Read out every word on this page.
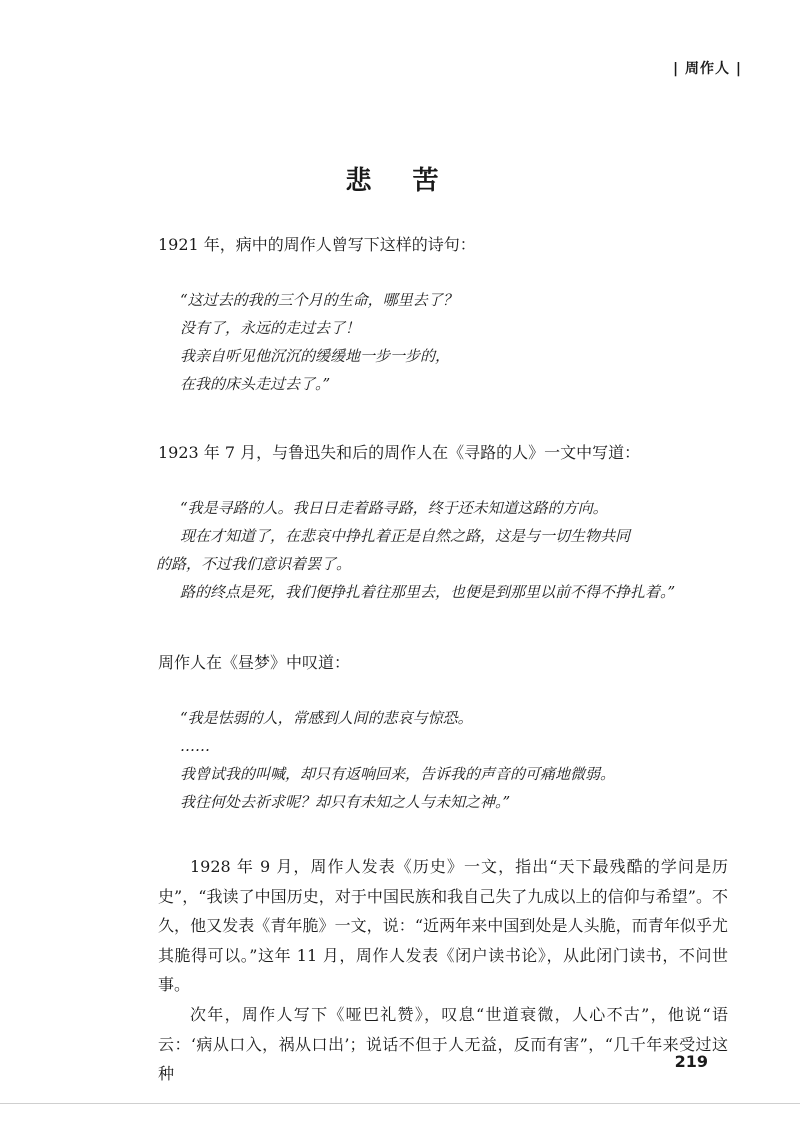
| 周作人 |
悲 苦
1921 年，病中的周作人曾写下这样的诗句：
“这过去的我的三个月的生命，哪里去了？
没有了，永远的走过去了！
我亲自听见他沉沉的缓缓地一步一步的，
在我的床头走过去了。”
1923 年 7 月，与鲁迅失和后的周作人在《寻路的人》一文中写道：
“我是寻路的人。我日日走着路寻路，终于还未知道这路的方向。
现在才知道了，在悲哀中挣扎着正是自然之路，这是与一切生物共同
的路，不过我们意识着罢了。
路的终点是死，我们便挣扎着往那里去，也便是到那里以前不得不挣扎着。”
周作人在《昼梦》中叹道：
“我是怯弱的人，常感到人间的悲哀与惊恐。
……
我曾试我的叫喊，却只有返响回来，告诉我的声音的可痛地微弱。
我往何处去祈求呢？却只有未知之人与未知之神。”

1928 年 9 月，周作人发表《历史》一文，指出“天下最残酷的学问是历史”，“我读了中国历史，对于中国民族和我自己失了九成以上的信仰与希望”。不久，他又发表《青年脆》一文，说：“近两年来中国到处是人头脆，而青年似乎尤其脆得可以。”这年 11 月，周作人发表《闭户读书论》，从此闭门读书，不问世事。

次年，周作人写下《哑巴礼赞》，叹息“世道衰微，人心不古”，他说“语云：‘病从口入，祸从口出’；说话不但于人无益，反而有害”，“几千年来受过这种

219
